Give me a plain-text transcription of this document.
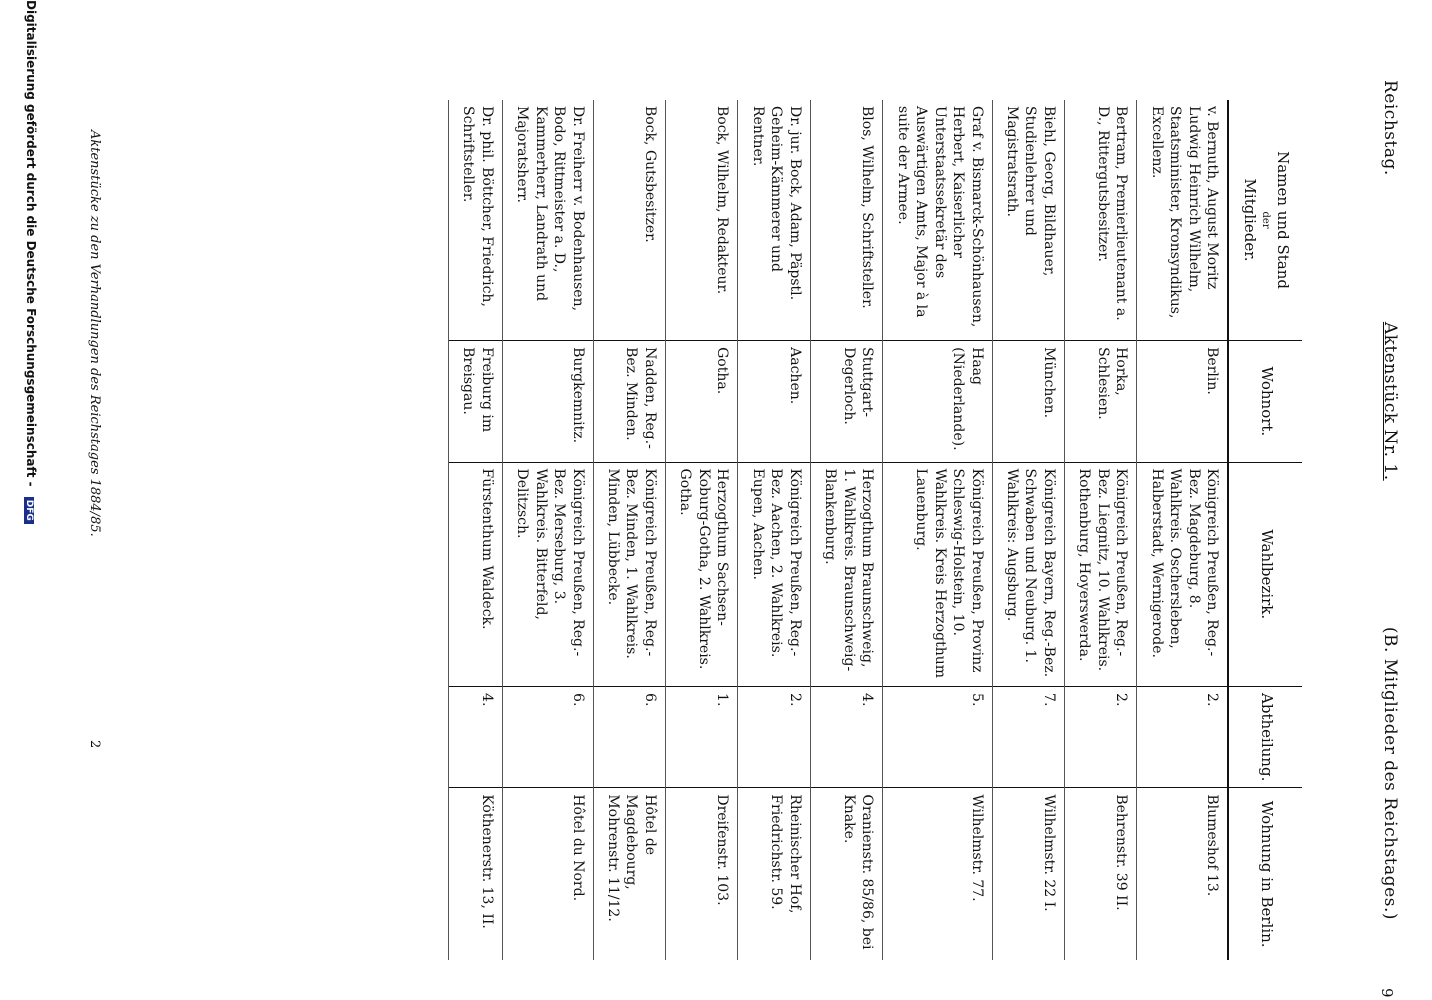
Reichstag.
Aktenstück Nr. 1.
(B. Mitglieder des Reichstages.)
9
Namen und Stand
der
Mitglieder.	Wohnort.	Wahlbezirk.	Abtheilung.	Wohnung in Berlin.
v. Bernuth, August Moritz Ludwig Heinrich Wilhelm, Staatsminister, Kronsyndikus, Excellenz.	Berlin.	Königreich Preußen, Reg.-Bez. Magdeburg, 8. Wahlkreis. Oschersleben, Halberstadt, Wernigerode.	2.	Blumeshof 13.
Bertram, Premierlieutenant a. D., Rittergutsbesitzer.	Horka, Schlesien.	Königreich Preußen, Reg.-Bez. Liegnitz, 10. Wahlkreis. Rothenburg, Hoyerswerda.	2.	Behrenstr. 39 II.
Biehl, Georg, Bildhauer, Studienlehrer und Magistratsrath.	München.	Königreich Bayern, Reg.-Bez. Schwaben und Neuburg. 1. Wahlkreis: Augsburg.	7.	Wilhelmstr. 22 I.
Graf v. Bismarck-Schönhausen, Herbert, Kaiserlicher Unterstaatssekretär des Auswärtigen Amts, Major à la suite der Armee.	Haag (Niederlande).	Königreich Preußen, Provinz Schleswig-Holstein, 10. Wahlkreis. Kreis Herzogthum Lauenburg.	5.	Wilhelmstr. 77.
Blos, Wilhelm, Schriftsteller.	Stuttgart-Degerloch.	Herzogthum Braunschweig, 1. Wahlkreis. Braunschweig-Blankenburg.	4.	Oranienstr. 85/86, bei Knake.
Dr. jur. Bock, Adam, Päpstl. Geheim-Kämmerer und Rentner.	Aachen.	Königreich Preußen, Reg.-Bez. Aachen, 2. Wahlkreis. Eupen, Aachen.	2.	Rheinischer Hof, Friedrichstr. 59.
Bock, Wilhelm, Redakteur.	Gotha.	Herzogthum Sachsen-Koburg-Gotha, 2. Wahlkreis. Gotha.	1.	Dreifenstr. 103.
Bock, Gutsbesitzer.	Nadden, Reg.-Bez. Minden.	Königreich Preußen, Reg.-Bez. Minden, 1. Wahlkreis. Minden, Lübbecke.	6.	Hôtel de Magdebourg, Mohrenstr. 11/12.
Dr. Freiherr v. Bodenhausen, Bodo, Rittmeister a. D., Kammerherr, Landrath und Majoratsherr.	Burgkemnitz.	Königreich Preußen, Reg.-Bez. Merseburg, 3. Wahlkreis. Bitterfeld, Delitzsch.	6.	Hôtel du Nord.
Dr. phil. Böttcher, Friedrich, Schriftsteller.	Freiburg im Breisgau.	Fürstenthum Waldeck.	4.	Köthenerstr. 13, II.
Aktenstücke zu den Verhandlungen des Reichstages 1884/85.
2
Digitalisierung gefördert durch die Deutsche Forschungsgemeinschaft - DFG
